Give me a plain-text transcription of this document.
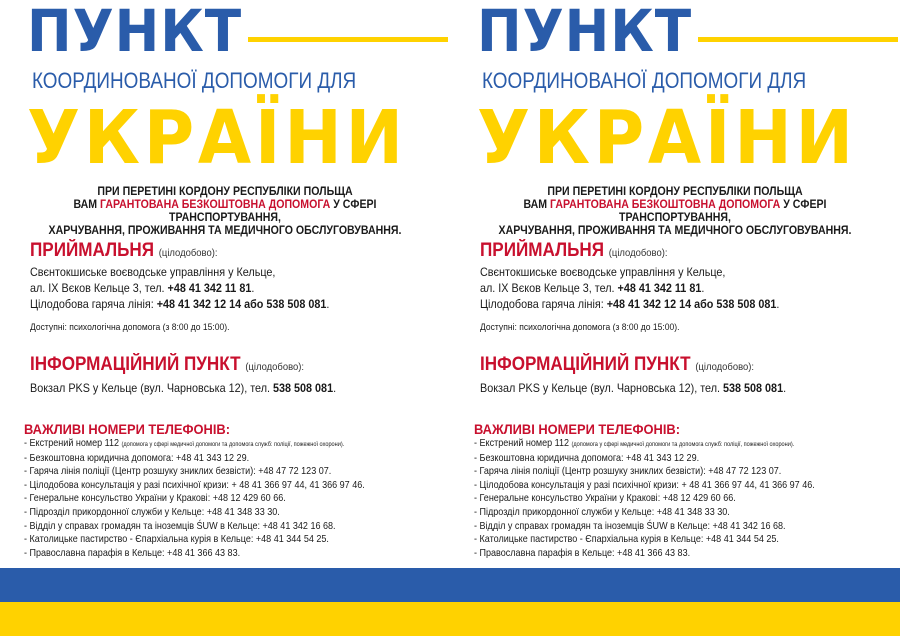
ПУНКТ
КООРДИНОВАНОЇ ДОПОМОГИ ДЛЯ
УКРАЇНИ
ПРИ ПЕРЕТИНІ КОРДОНУ РЕСПУБЛІКИ ПОЛЬЩА
ВАМ ГАРАНТОВАНА БЕЗКОШТОВНА ДОПОМОГА У СФЕРІ ТРАНСПОРТУВАННЯ,
ХАРЧУВАННЯ, ПРОЖИВАННЯ ТА МЕДИЧНОГО ОБСЛУГОВУВАННЯ.
ПРИЙМАЛЬНЯ (цілодобово):
Свєнтокшиське воєводське управління у Кельце,
ал. IX Вєков Кельце 3, тел. +48 41 342 11 81.
Цілодобова гаряча лінія: +48 41 342 12 14 або 538 508 081.
Доступні: психологічна допомога (з 8:00 до 15:00).
ІНФОРМАЦІЙНИЙ ПУНКТ (цілодобово):
Вокзал PKS у Кельце (вул. Чарновська 12), тел. 538 508 081.
ВАЖЛИВІ НОМЕРИ ТЕЛЕФОНІВ:
- Екстрений номер 112 (допомога у сфері медичної допомоги та допомога служб: поліції, пожежної охорони).
- Безкоштовна юридична допомога: +48 41 343 12 29.
- Гаряча лінія поліції (Центр розшуку зниклих безвісти): +48 47 72 123 07.
- Цілодобова консультація у разі психічної кризи: + 48 41 366 97 44, 41 366 97 46.
- Генеральне консульство України у Кракові: +48 12 429 60 66.
- Підрозділ прикордонної служби у Кельце: +48 41 348 33 30.
- Відділ у справах громадян та іноземців ŚUW в Кельце: +48 41 342 16 68.
- Католицьке пастирство - Єпархіальна курія в Кельце: +48 41 344 54 25.
- Православна парафія в Кельце: +48 41 366 43 83.
ПУНКТ
КООРДИНОВАНОЇ ДОПОМОГИ ДЛЯ
УКРАЇНИ
ПРИ ПЕРЕТИНІ КОРДОНУ РЕСПУБЛІКИ ПОЛЬЩА
ВАМ ГАРАНТОВАНА БЕЗКОШТОВНА ДОПОМОГА У СФЕРІ ТРАНСПОРТУВАННЯ,
ХАРЧУВАННЯ, ПРОЖИВАННЯ ТА МЕДИЧНОГО ОБСЛУГОВУВАННЯ.
ПРИЙМАЛЬНЯ (цілодобово):
Свєнтокшиське воєводське управління у Кельце,
ал. IX Вєков Кельце 3, тел. +48 41 342 11 81.
Цілодобова гаряча лінія: +48 41 342 12 14 або 538 508 081.
Доступні: психологічна допомога (з 8:00 до 15:00).
ІНФОРМАЦІЙНИЙ ПУНКТ (цілодобово):
Вокзал PKS у Кельце (вул. Чарновська 12), тел. 538 508 081.
ВАЖЛИВІ НОМЕРИ ТЕЛЕФОНІВ:
- Екстрений номер 112 (допомога у сфері медичної допомоги та допомога служб: поліції, пожежної охорони).
- Безкоштовна юридична допомога: +48 41 343 12 29.
- Гаряча лінія поліції (Центр розшуку зниклих безвісти): +48 47 72 123 07.
- Цілодобова консультація у разі психічної кризи: + 48 41 366 97 44, 41 366 97 46.
- Генеральне консульство України у Кракові: +48 12 429 60 66.
- Підрозділ прикордонної служби у Кельце: +48 41 348 33 30.
- Відділ у справах громадян та іноземців ŚUW в Кельце: +48 41 342 16 68.
- Католицьке пастирство - Єпархіальна курія в Кельце: +48 41 344 54 25.
- Православна парафія в Кельце: +48 41 366 43 83.
